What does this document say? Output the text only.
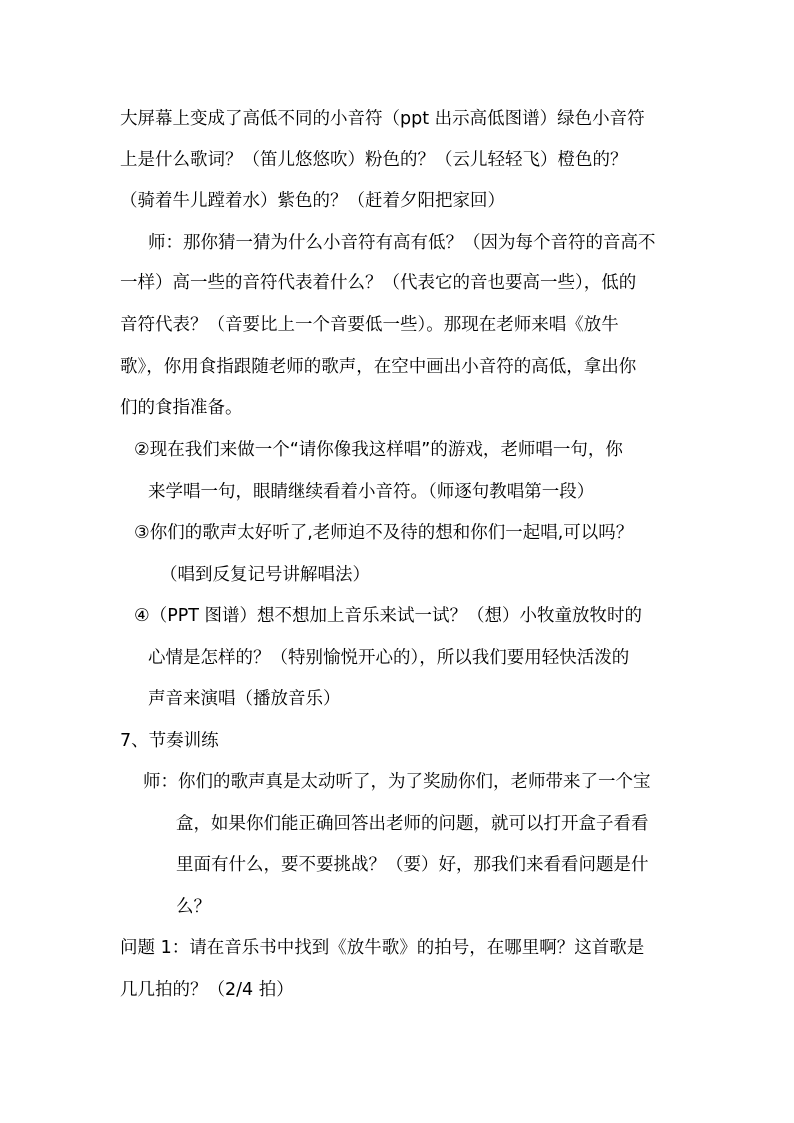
大屏幕上变成了高低不同的小音符（ppt 出示高低图谱）绿色小音符
上是什么歌词？（笛儿悠悠吹）粉色的？（云儿轻轻飞）橙色的？
（骑着牛儿蹚着水）紫色的？（赶着夕阳把家回）
师：那你猜一猜为什么小音符有高有低？（因为每个音符的音高不
一样）高一些的音符代表着什么？（代表它的音也要高一些），低的
音符代表？（音要比上一个音要低一些）。那现在老师来唱《放牛
歌》，你用食指跟随老师的歌声，在空中画出小音符的高低，拿出你
们的食指准备。
②现在我们来做一个“请你像我这样唱”的游戏，老师唱一句，你
来学唱一句，眼睛继续看着小音符。（师逐句教唱第一段）
③你们的歌声太好听了,老师迫不及待的想和你们一起唱,可以吗？
（唱到反复记号讲解唱法）
④（PPT 图谱）想不想加上音乐来试一试？（想）小牧童放牧时的
心情是怎样的？（特别愉悦开心的），所以我们要用轻快活泼的
声音来演唱（播放音乐）
7、节奏训练
师：你们的歌声真是太动听了，为了奖励你们，老师带来了一个宝
盒，如果你们能正确回答出老师的问题，就可以打开盒子看看
里面有什么，要不要挑战？（要）好，那我们来看看问题是什
么？
问题 1：请在音乐书中找到《放牛歌》的拍号，在哪里啊？这首歌是
几几拍的？（2/4 拍）
